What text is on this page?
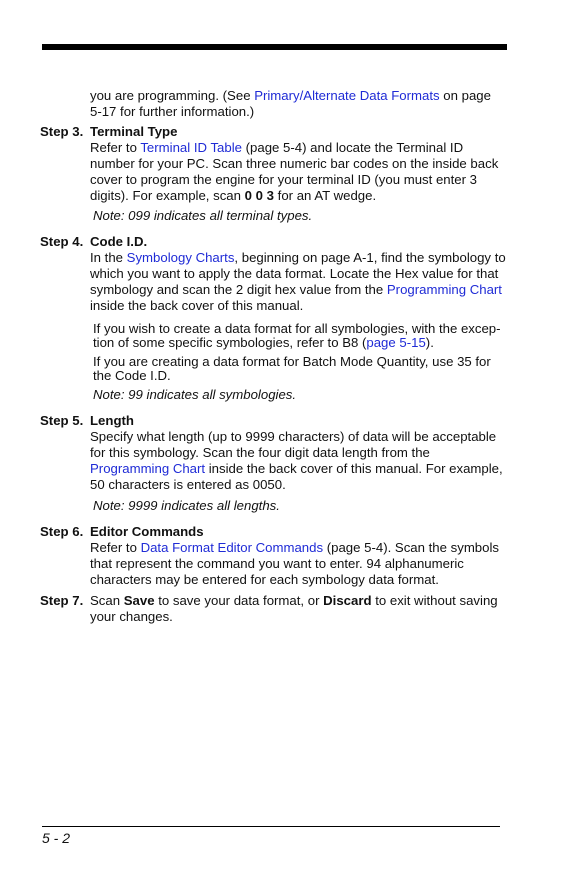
you are programming. (See Primary/Alternate Data Formats on page
5-17 for further information.)
Step 3. Terminal Type
Refer to Terminal ID Table (page 5-4) and locate the Terminal ID
number for your PC. Scan three numeric bar codes on the inside back
cover to program the engine for your terminal ID (you must enter 3
digits). For example, scan 0 0 3 for an AT wedge.
Note: 099 indicates all terminal types.
Step 4. Code I.D.
In the Symbology Charts, beginning on page A-1, find the symbology to
which you want to apply the data format. Locate the Hex value for that
symbology and scan the 2 digit hex value from the Programming Chart
inside the back cover of this manual.
If you wish to create a data format for all symbologies, with the excep-
tion of some specific symbologies, refer to B8 (page 5-15).
If you are creating a data format for Batch Mode Quantity, use 35 for
the Code I.D.
Note: 99 indicates all symbologies.
Step 5. Length
Specify what length (up to 9999 characters) of data will be acceptable
for this symbology. Scan the four digit data length from the
Programming Chart inside the back cover of this manual. For example,
50 characters is entered as 0050.
Note: 9999 indicates all lengths.
Step 6. Editor Commands
Refer to Data Format Editor Commands (page 5-4). Scan the symbols
that represent the command you want to enter. 94 alphanumeric
characters may be entered for each symbology data format.
Step 7. Scan Save to save your data format, or Discard to exit without saving
your changes.
5 - 2
